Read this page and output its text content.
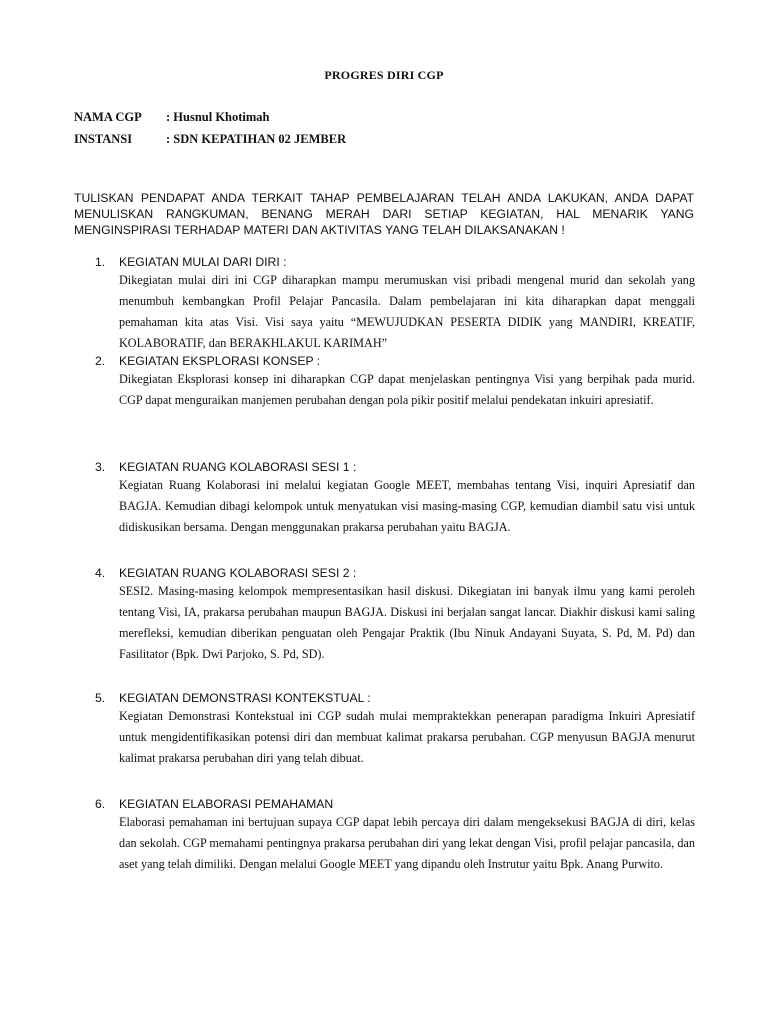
PROGRES DIRI CGP
NAMA CGP : Husnul Khotimah
INSTANSI	: SDN KEPATIHAN 02 JEMBER
TULISKAN PENDAPAT ANDA TERKAIT TAHAP PEMBELAJARAN TELAH ANDA LAKUKAN, ANDA DAPAT MENULISKAN RANGKUMAN, BENANG MERAH DARI SETIAP KEGIATAN, HAL MENARIK YANG MENGINSPIRASI TERHADAP MATERI DAN AKTIVITAS YANG TELAH DILAKSANAKAN !
1. KEGIATAN MULAI DARI DIRI :
Dikegiatan mulai diri ini CGP diharapkan mampu merumuskan visi pribadi mengenal murid dan sekolah yang menumbuh kembangkan Profil Pelajar Pancasila. Dalam pembelajaran ini kita diharapkan dapat menggali pemahaman kita atas Visi. Visi saya yaitu “MEWUJUDKAN PESERTA DIDIK yang MANDIRI, KREATIF, KOLABORATIF, dan BERAKHLAKUL KARIMAH”
2. KEGIATAN EKSPLORASI KONSEP :
Dikegiatan Eksplorasi konsep ini diharapkan CGP dapat menjelaskan pentingnya Visi yang berpihak pada murid. CGP dapat menguraikan manjemen perubahan dengan pola pikir positif melalui pendekatan inkuiri apresiatif.
3. KEGIATAN RUANG KOLABORASI SESI 1 :
Kegiatan Ruang Kolaborasi ini melalui kegiatan Google MEET, membahas tentang Visi, inquiri Apresiatif dan BAGJA. Kemudian dibagi kelompok untuk menyatukan visi masing-masing CGP, kemudian diambil satu visi untuk didiskusikan bersama. Dengan menggunakan prakarsa perubahan yaitu BAGJA.
4. KEGIATAN RUANG KOLABORASI SESI 2 :
SESI2. Masing-masing kelompok mempresentasikan hasil diskusi. Dikegiatan ini banyak ilmu yang kami peroleh tentang Visi, IA, prakarsa perubahan maupun BAGJA. Diskusi ini berjalan sangat lancar. Diakhir diskusi kami saling merefleksi, kemudian diberikan penguatan oleh Pengajar Praktik (Ibu Ninuk Andayani Suyata, S. Pd, M. Pd) dan Fasilitator (Bpk. Dwi Parjoko, S. Pd, SD).
5. KEGIATAN DEMONSTRASI KONTEKSTUAL :
Kegiatan Demonstrasi Kontekstual ini CGP sudah mulai mempraktekkan penerapan paradigma Inkuiri Apresiatif untuk mengidentifikasikan potensi diri dan membuat kalimat prakarsa perubahan. CGP menyusun BAGJA menurut kalimat prakarsa perubahan diri yang telah dibuat.
6. KEGIATAN ELABORASI PEMAHAMAN
Elaborasi pemahaman ini bertujuan supaya CGP dapat lebih percaya diri dalam mengeksekusi BAGJA di diri, kelas dan sekolah. CGP memahami pentingnya prakarsa perubahan diri yang lekat dengan Visi, profil pelajar pancasila, dan aset yang telah dimiliki. Dengan melalui Google MEET yang dipandu oleh Instrutur yaitu Bpk. Anang Purwito.
